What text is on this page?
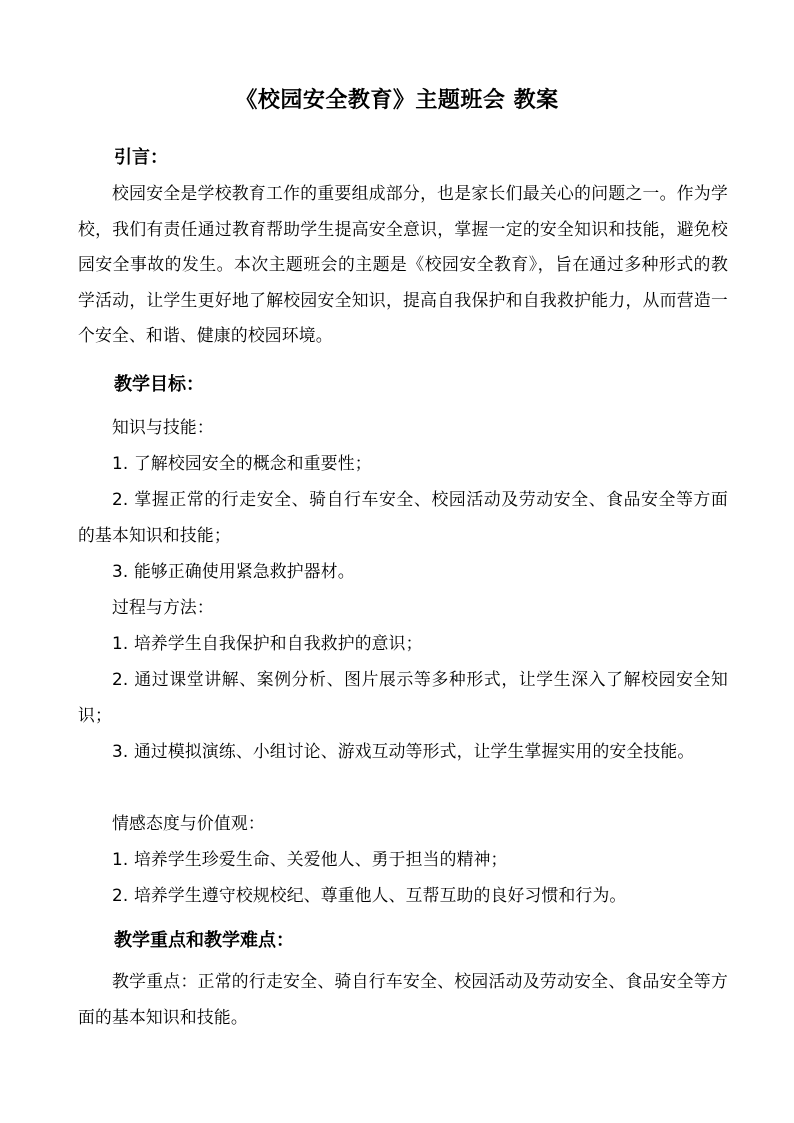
《校园安全教育》主题班会 教案
引言：
校园安全是学校教育工作的重要组成部分，也是家长们最关心的问题之一。作为学校，我们有责任通过教育帮助学生提高安全意识，掌握一定的安全知识和技能，避免校园安全事故的发生。本次主题班会的主题是《校园安全教育》，旨在通过多种形式的教学活动，让学生更好地了解校园安全知识，提高自我保护和自我救护能力，从而营造一个安全、和谐、健康的校园环境。
教学目标：
知识与技能：
1. 了解校园安全的概念和重要性；
2. 掌握正常的行走安全、骑自行车安全、校园活动及劳动安全、食品安全等方面的基本知识和技能；
3. 能够正确使用紧急救护器材。
过程与方法：
1. 培养学生自我保护和自我救护的意识；
2. 通过课堂讲解、案例分析、图片展示等多种形式，让学生深入了解校园安全知识；
3. 通过模拟演练、小组讨论、游戏互动等形式，让学生掌握实用的安全技能。
情感态度与价值观：
1. 培养学生珍爱生命、关爱他人、勇于担当的精神；
2. 培养学生遵守校规校纪、尊重他人、互帮互助的良好习惯和行为。
教学重点和教学难点：
教学重点：正常的行走安全、骑自行车安全、校园活动及劳动安全、食品安全等方面的基本知识和技能。
